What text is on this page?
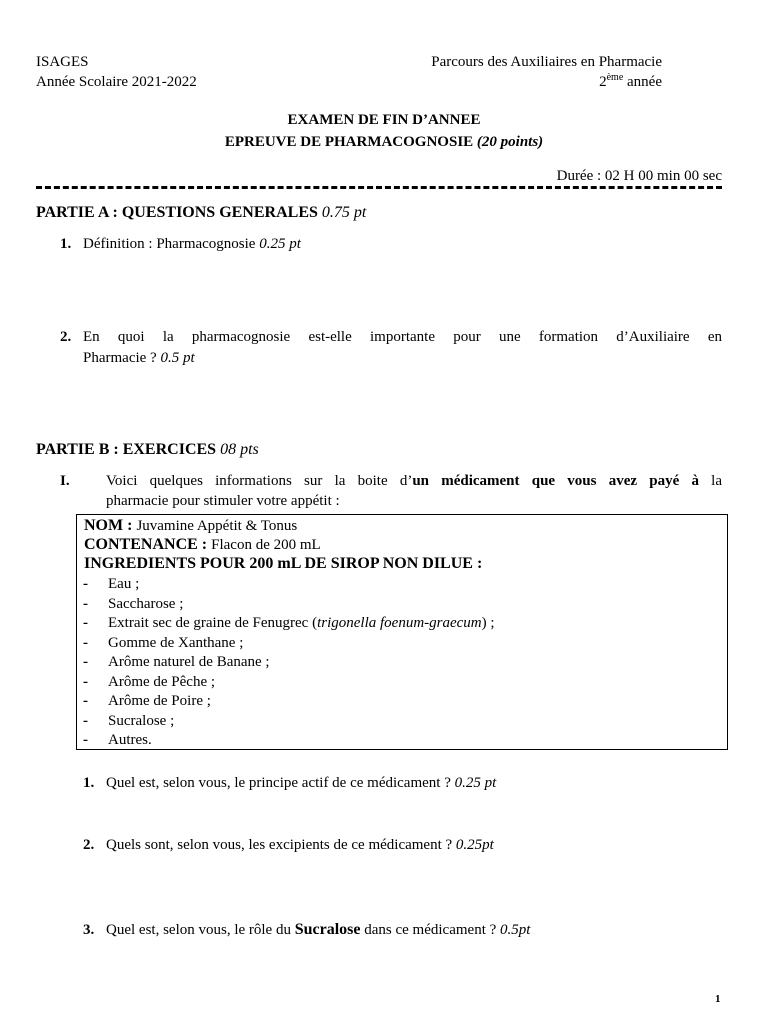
ISAGES
Année Scolaire 2021-2022
Parcours des Auxiliaires en Pharmacie
2ème année
EXAMEN DE FIN D’ANNEE
EPREUVE DE PHARMACOGNOSIE (20 points)
Durée : 02 H 00 min 00 sec
PARTIE A : QUESTIONS GENERALES 0.75 pt
1. Définition : Pharmacognosie 0.25 pt
2. En quoi la pharmacognosie est-elle importante pour une formation d’Auxiliaire en
Pharmacie ? 0.5 pt
PARTIE B : EXERCICES 08 pts
I. Voici quelques informations sur la boite d’un médicament que vous avez payé à la
pharmacie pour stimuler votre appétit :
NOM : Juvamine Appétit & Tonus
CONTENANCE : Flacon de 200 mL
INGREDIENTS POUR 200 mL DE SIROP NON DILUE :
- Eau ;
- Saccharose ;
- Extrait sec de graine de Fenugrec (trigonella foenum-graecum) ;
- Gomme de Xanthane ;
- Arôme naturel de Banane ;
- Arôme de Pêche ;
- Arôme de Poire ;
- Sucralose ;
- Autres.
1. Quel est, selon vous, le principe actif de ce médicament ? 0.25 pt
2. Quels sont, selon vous, les excipients de ce médicament ? 0.25pt
3. Quel est, selon vous, le rôle du Sucralose dans ce médicament ? 0.5pt
1
